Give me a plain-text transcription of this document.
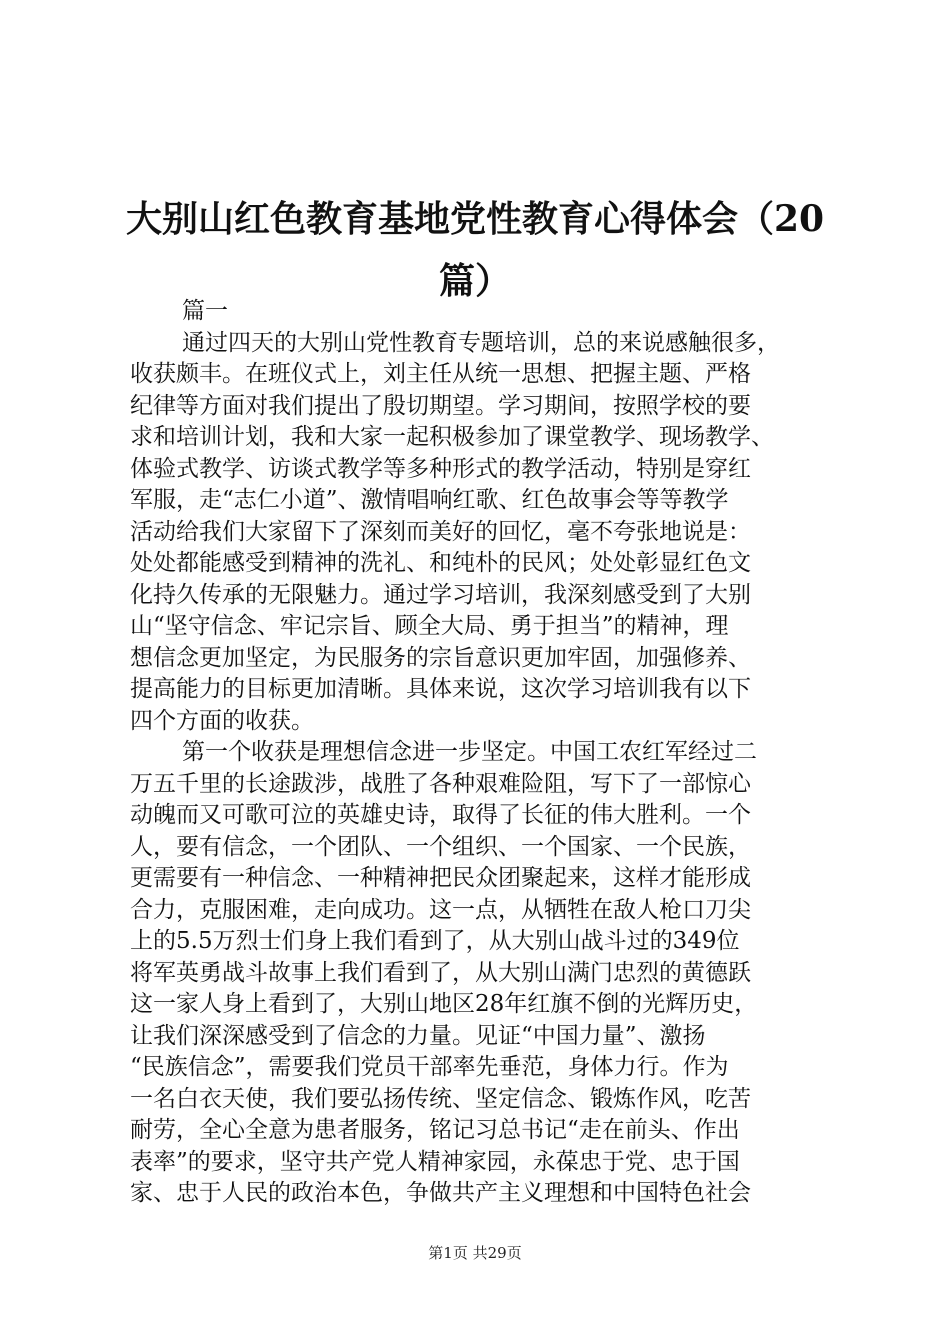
大别山红色教育基地党性教育心得体会（20
篇）
篇一
通过四天的大别山党性教育专题培训，总的来说感触很多，
收获颇丰。在班仪式上，刘主任从统一思想、把握主题、严格
纪律等方面对我们提出了殷切期望。学习期间，按照学校的要
求和培训计划，我和大家一起积极参加了课堂教学、现场教学、
体验式教学、访谈式教学等多种形式的教学活动，特别是穿红
军服，走“志仁小道”、激情唱响红歌、红色故事会等等教学
活动给我们大家留下了深刻而美好的回忆，毫不夸张地说是：
处处都能感受到精神的洗礼、和纯朴的民风；处处彰显红色文
化持久传承的无限魅力。通过学习培训，我深刻感受到了大别
山“坚守信念、牢记宗旨、顾全大局、勇于担当”的精神，理
想信念更加坚定，为民服务的宗旨意识更加牢固，加强修养、
提高能力的目标更加清晰。具体来说，这次学习培训我有以下
四个方面的收获。
第一个收获是理想信念进一步坚定。中国工农红军经过二
万五千里的长途跋涉，战胜了各种艰难险阻，写下了一部惊心
动魄而又可歌可泣的英雄史诗，取得了长征的伟大胜利。一个
人，要有信念，一个团队、一个组织、一个国家、一个民族，
更需要有一种信念、一种精神把民众团聚起来，这样才能形成
合力，克服困难，走向成功。这一点，从牺牲在敌人枪口刀尖
上的5.5万烈士们身上我们看到了，从大别山战斗过的349位
将军英勇战斗故事上我们看到了，从大别山满门忠烈的黄德跃
这一家人身上看到了，大别山地区28年红旗不倒的光辉历史，
让我们深深感受到了信念的力量。见证“中国力量”、激扬
“民族信念”，需要我们党员干部率先垂范，身体力行。作为
一名白衣天使，我们要弘扬传统、坚定信念、锻炼作风，吃苦
耐劳，全心全意为患者服务，铭记习总书记“走在前头、作出
表率”的要求，坚守共产党人精神家园，永葆忠于党、忠于国
家、忠于人民的政治本色，争做共产主义理想和中国特色社会
第1页 共29页
